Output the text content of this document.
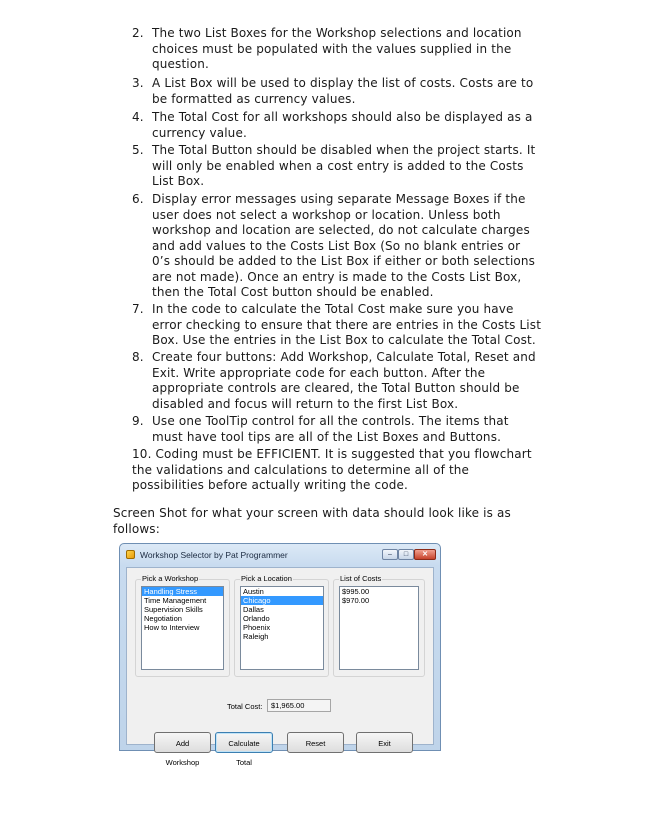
2. The two List Boxes for the Workshop selections and location choices must be populated with the values supplied in the question.
3. A List Box will be used to display the list of costs. Costs are to be formatted as currency values.
4. The Total Cost for all workshops should also be displayed as a currency value.
5. The Total Button should be disabled when the project starts. It will only be enabled when a cost entry is added to the Costs List Box.
6. Display error messages using separate Message Boxes if the user does not select a workshop or location. Unless both workshop and location are selected, do not calculate charges and add values to the Costs List Box (So no blank entries or 0’s should be added to the List Box if either or both selections are not made). Once an entry is made to the Costs List Box, then the Total Cost button should be enabled.
7. In the code to calculate the Total Cost make sure you have error checking to ensure that there are entries in the Costs List Box. Use the entries in the List Box to calculate the Total Cost.
8. Create four buttons: Add Workshop, Calculate Total, Reset and Exit. Write appropriate code for each button. After the appropriate controls are cleared, the Total Button should be disabled and focus will return to the first List Box.
9. Use one ToolTip control for all the controls. The items that must have tool tips are all of the List Boxes and Buttons.
10. Coding must be EFFICIENT. It is suggested that you flowchart the validations and calculations to determine all of the possibilities before actually writing the code.
Screen Shot for what your screen with data should look like is as follows:
Workshop Selector by Pat Programmer	–	□	✕
Pick a Workshop
Handling Stress
Time Management
Supervision Skills
Negotiation
How to Interview
Pick a Location
Austin
Chicago
Dallas
Orlando
Phoenix
Raleigh
List of Costs
$995.00
$970.00
Total Cost:	$1,965.00
Add Workshop
Calculate Total
Reset	Exit
